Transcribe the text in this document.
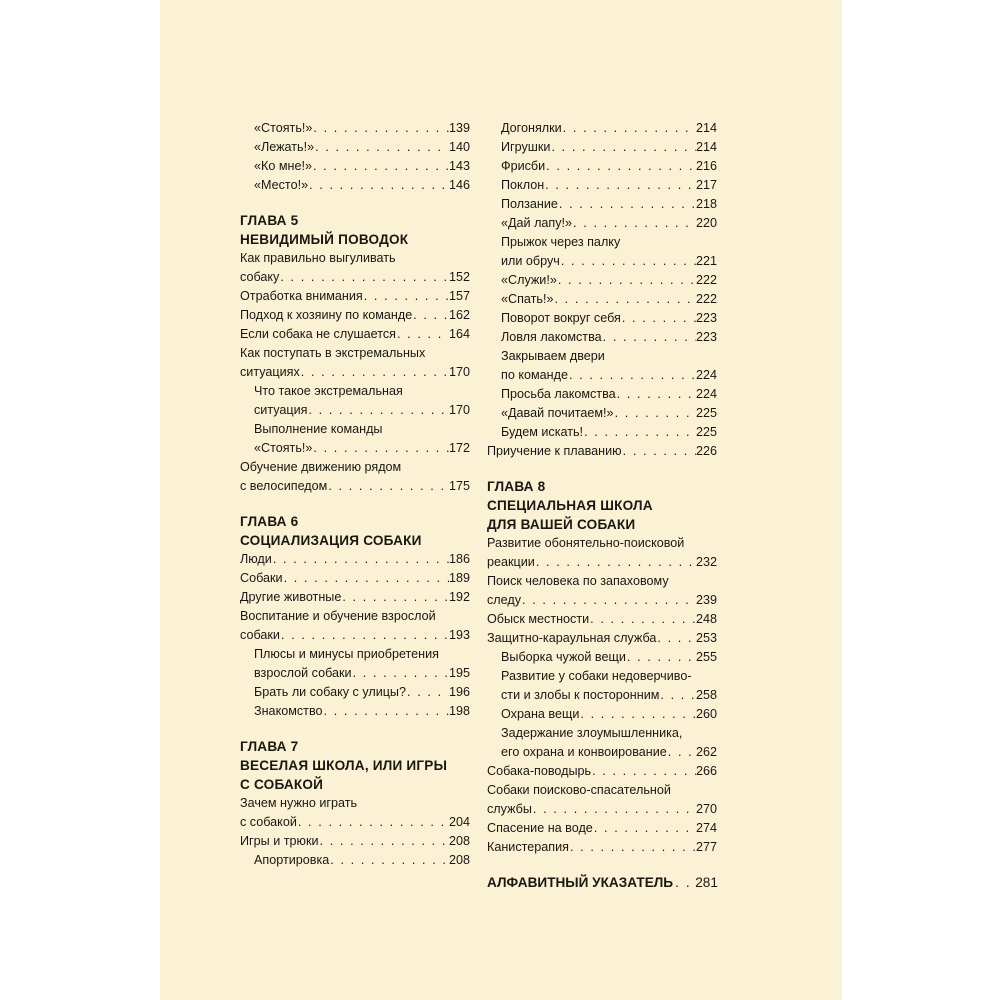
«Стоять!» . . .	139
«Лежать!» . . .	140
«Ко мне!» . . .	143
«Место!» . . .	146
ГЛАВА 5
НЕВИДИМЫЙ ПОВОДОК
Как правильно выгуливать
собаку . . .	152
Отработка внимания . . .	157
Подход к хозяину по команде . . .	162
Если собака не слушается . . .	164
Как поступать в экстремальных
ситуациях . . .	170
Что такое экстремальная
ситуация . . .	170
Выполнение команды
«Стоять!» . . .	172
Обучение движению рядом
с велосипедом . . .	175
ГЛАВА 6
СОЦИАЛИЗАЦИЯ СОБАКИ
Люди . . .	186
Собаки . . .	189
Другие животные . . .	192
Воспитание и обучение взрослой
собаки . . .	193
Плюсы и минусы приобретения
взрослой собаки . . .	195
Брать ли собаку с улицы? . . .	196
Знакомство . . .	198
ГЛАВА 7
ВЕСЕЛАЯ ШКОЛА, ИЛИ ИГРЫ
С СОБАКОЙ
Зачем нужно играть
с собакой . . .	204
Игры и трюки . . .	208
Апортировка . . .	208
Догонялки . . .	214
Игрушки . . .	214
Фрисби . . .	216
Поклон . . .	217
Ползание . . .	218
«Дай лапу!» . . .	220
Прыжок через палку
или обруч . . .	221
«Служи!» . . .	222
«Спать!» . . .	222
Поворот вокруг себя . . .	223
Ловля лакомства . . .	223
Закрываем двери
по команде . . .	224
Просьба лакомства . . .	224
«Давай почитаем!» . . .	225
Будем искать! . . .	225
Приучение к плаванию . . .	226
ГЛАВА 8
СПЕЦИАЛЬНАЯ ШКОЛА
ДЛЯ ВАШЕЙ СОБАКИ
Развитие обонятельно-поисковой
реакции . . .	232
Поиск человека по запаховому
следу . . .	239
Обыск местности . . .	248
Защитно-караульная служба . . .	253
Выборка чужой вещи . . .	255
Развитие у собаки недоверчиво-
сти и злобы к посторонним . . .	258
Охрана вещи . . .	260
Задержание злоумышленника,
его охрана и конвоирование . . . 262
Собака-поводырь . . .	266
Собаки поисково-спасательной
службы . . .	270
Спасение на воде . . .	274
Канистерапия . . .	277
АЛФАВИТНЫЙ УКАЗАТЕЛЬ . . 281
